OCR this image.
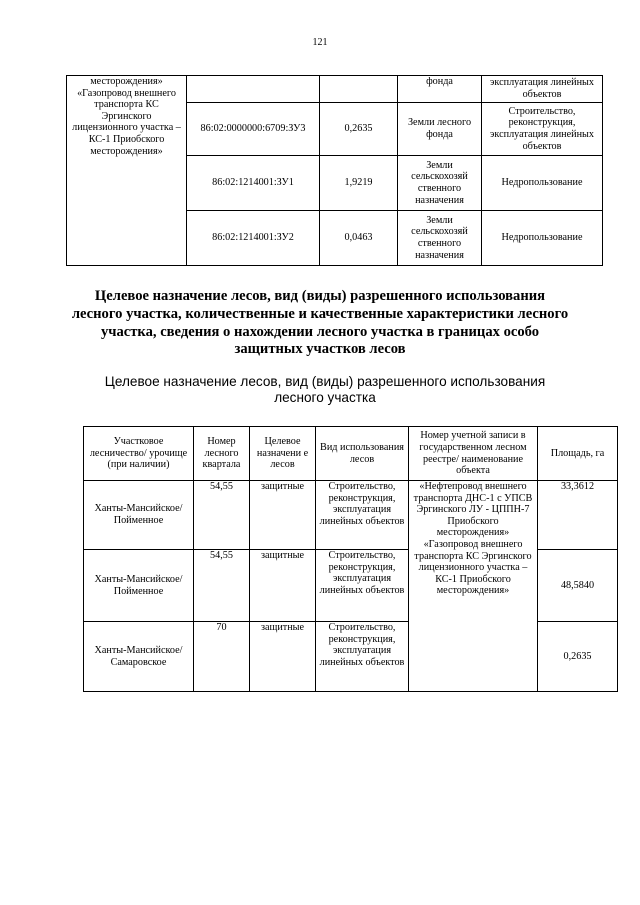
121
месторождения» «Газопровод внешнего транспорта КС Эргинского лицензионного участка – КС-1 Приобского месторождения»			фонда	эксплуатация линейных объектов
	86:02:0000000:6709:ЗУ3	0,2635	Земли лесного фонда	Строительство, реконструкция, эксплуатация линейных объектов
	86:02:1214001:ЗУ1	1,9219	Земли сельскохозяй ственного назначения	Недропользование
	86:02:1214001:ЗУ2	0,0463	Земли сельскохозяй ственного назначения	Недропользование
Целевое назначение лесов, вид (виды) разрешенного использования лесного участка, количественные и качественные характеристики лесного участка, сведения о нахождении лесного участка в границах особо защитных участков лесов
Целевое назначение лесов, вид (виды) разрешенного использования лесного участка
Участковое лесничество/ урочище (при наличии)	Номер лесного квартала	Целевое назначени е лесов	Вид использования лесов	Номер учетной записи в государственном лесном реестре/ наименование объекта	Площадь, га
Ханты-Мансийское/ Пойменное	54,55	защитные	Строительство, реконструкция, эксплуатация линейных объектов	«Нефтепровод внешнего транспорта ДНС-1 с УПСВ Эргинского ЛУ - ЦППН-7 Приобского месторождения» «Газопровод внешнего транспорта КС Эргинского лицензионного участка – КС-1 Приобского месторождения»	33,3612
Ханты-Мансийское/ Пойменное	54,55	защитные	Строительство, реконструкция, эксплуатация линейных объектов		48,5840
Ханты-Мансийское/ Самаровское	70	защитные	Строительство, реконструкция, эксплуатация линейных объектов		0,2635
